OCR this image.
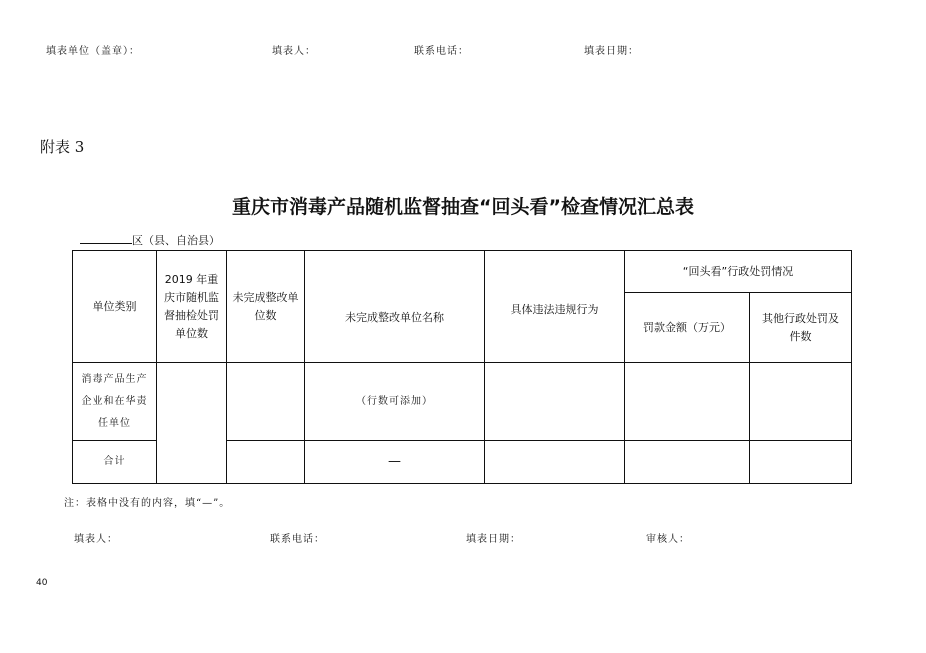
填表单位（盖章）：	填表人：	联系电话：	填表日期：
附表 3
重庆市消毒产品随机监督抽查“回头看”检查情况汇总表
区（县、自治县）
单位类别	2019 年重庆市随机监督抽检处罚单位数	未完成整改单位数	未完成整改单位名称	具体违法违规行为	“回头看”行政处罚情况	
					罚款金额（万元）	其他行政处罚及件数
消毒产品生产企业和在华责任单位			（行数可添加）			
合计			—			
注：表格中没有的内容，填“—”。
填表人：	联系电话：	填表日期：	审核人：
40
